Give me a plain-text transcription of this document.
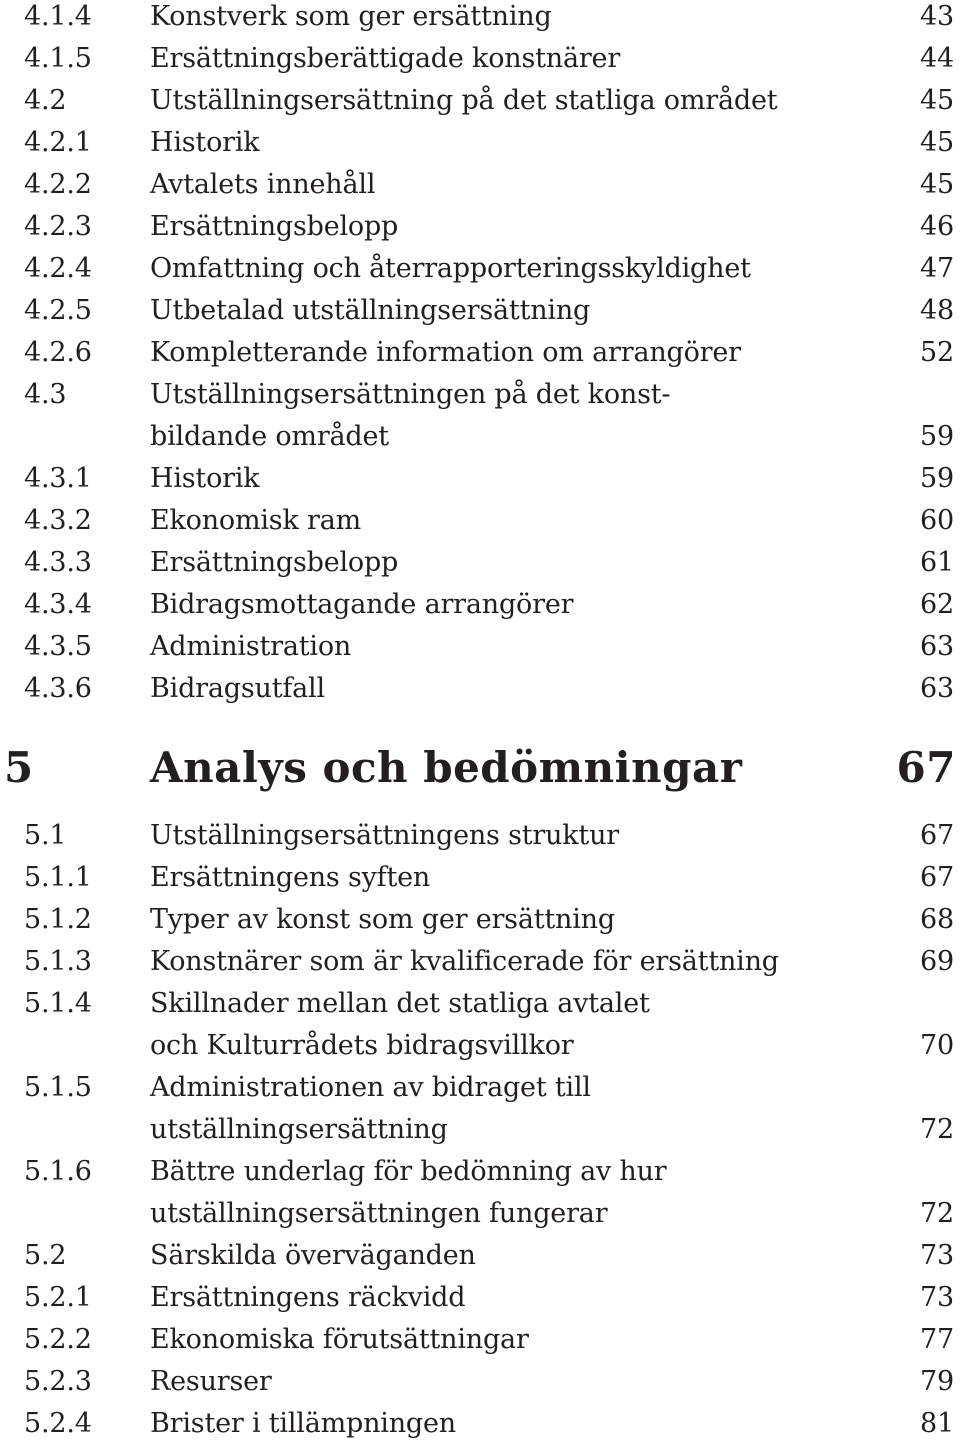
4.1.4 Konstverk som ger ersättning	43
4.1.5 Ersättningsberättigade konstnärer	44
4.2	Utställningsersättning på det statliga området	45
4.2.1 Historik	45
4.2.2 Avtalets innehåll	45
4.2.3 Ersättningsbelopp	46
4.2.4 Omfattning och återrapporteringsskyldighet	47
4.2.5 Utbetalad utställningsersättning	48
4.2.6 Kompletterande information om arrangörer	52
4.3	Utställningsersättningen på det konst-
bildande området	59
4.3.1 Historik	59
4.3.2 Ekonomisk ram	60
4.3.3 Ersättningsbelopp	61
4.3.4 Bidragsmottagande arrangörer	62
4.3.5 Administration	63
4.3.6 Bidragsutfall	63
5	Analys och bedömningar	67
5.1	Utställningsersättningens struktur	67
5.1.1 Ersättningens syften	67
5.1.2 Typer av konst som ger ersättning	68
5.1.3 Konstnärer som är kvalificerade för ersättning	69
5.1.4 Skillnader mellan det statliga avtalet
och Kulturrådets bidragsvillkor	70
5.1.5 Administrationen av bidraget till
utställningsersättning	72
5.1.6 Bättre underlag för bedömning av hur
utställningsersättningen fungerar	72
5.2	Särskilda överväganden	73
5.2.1 Ersättningens räckvidd	73
5.2.2 Ekonomiska förutsättningar	77
5.2.3 Resurser	79
5.2.4 Brister i tillämpningen	81
